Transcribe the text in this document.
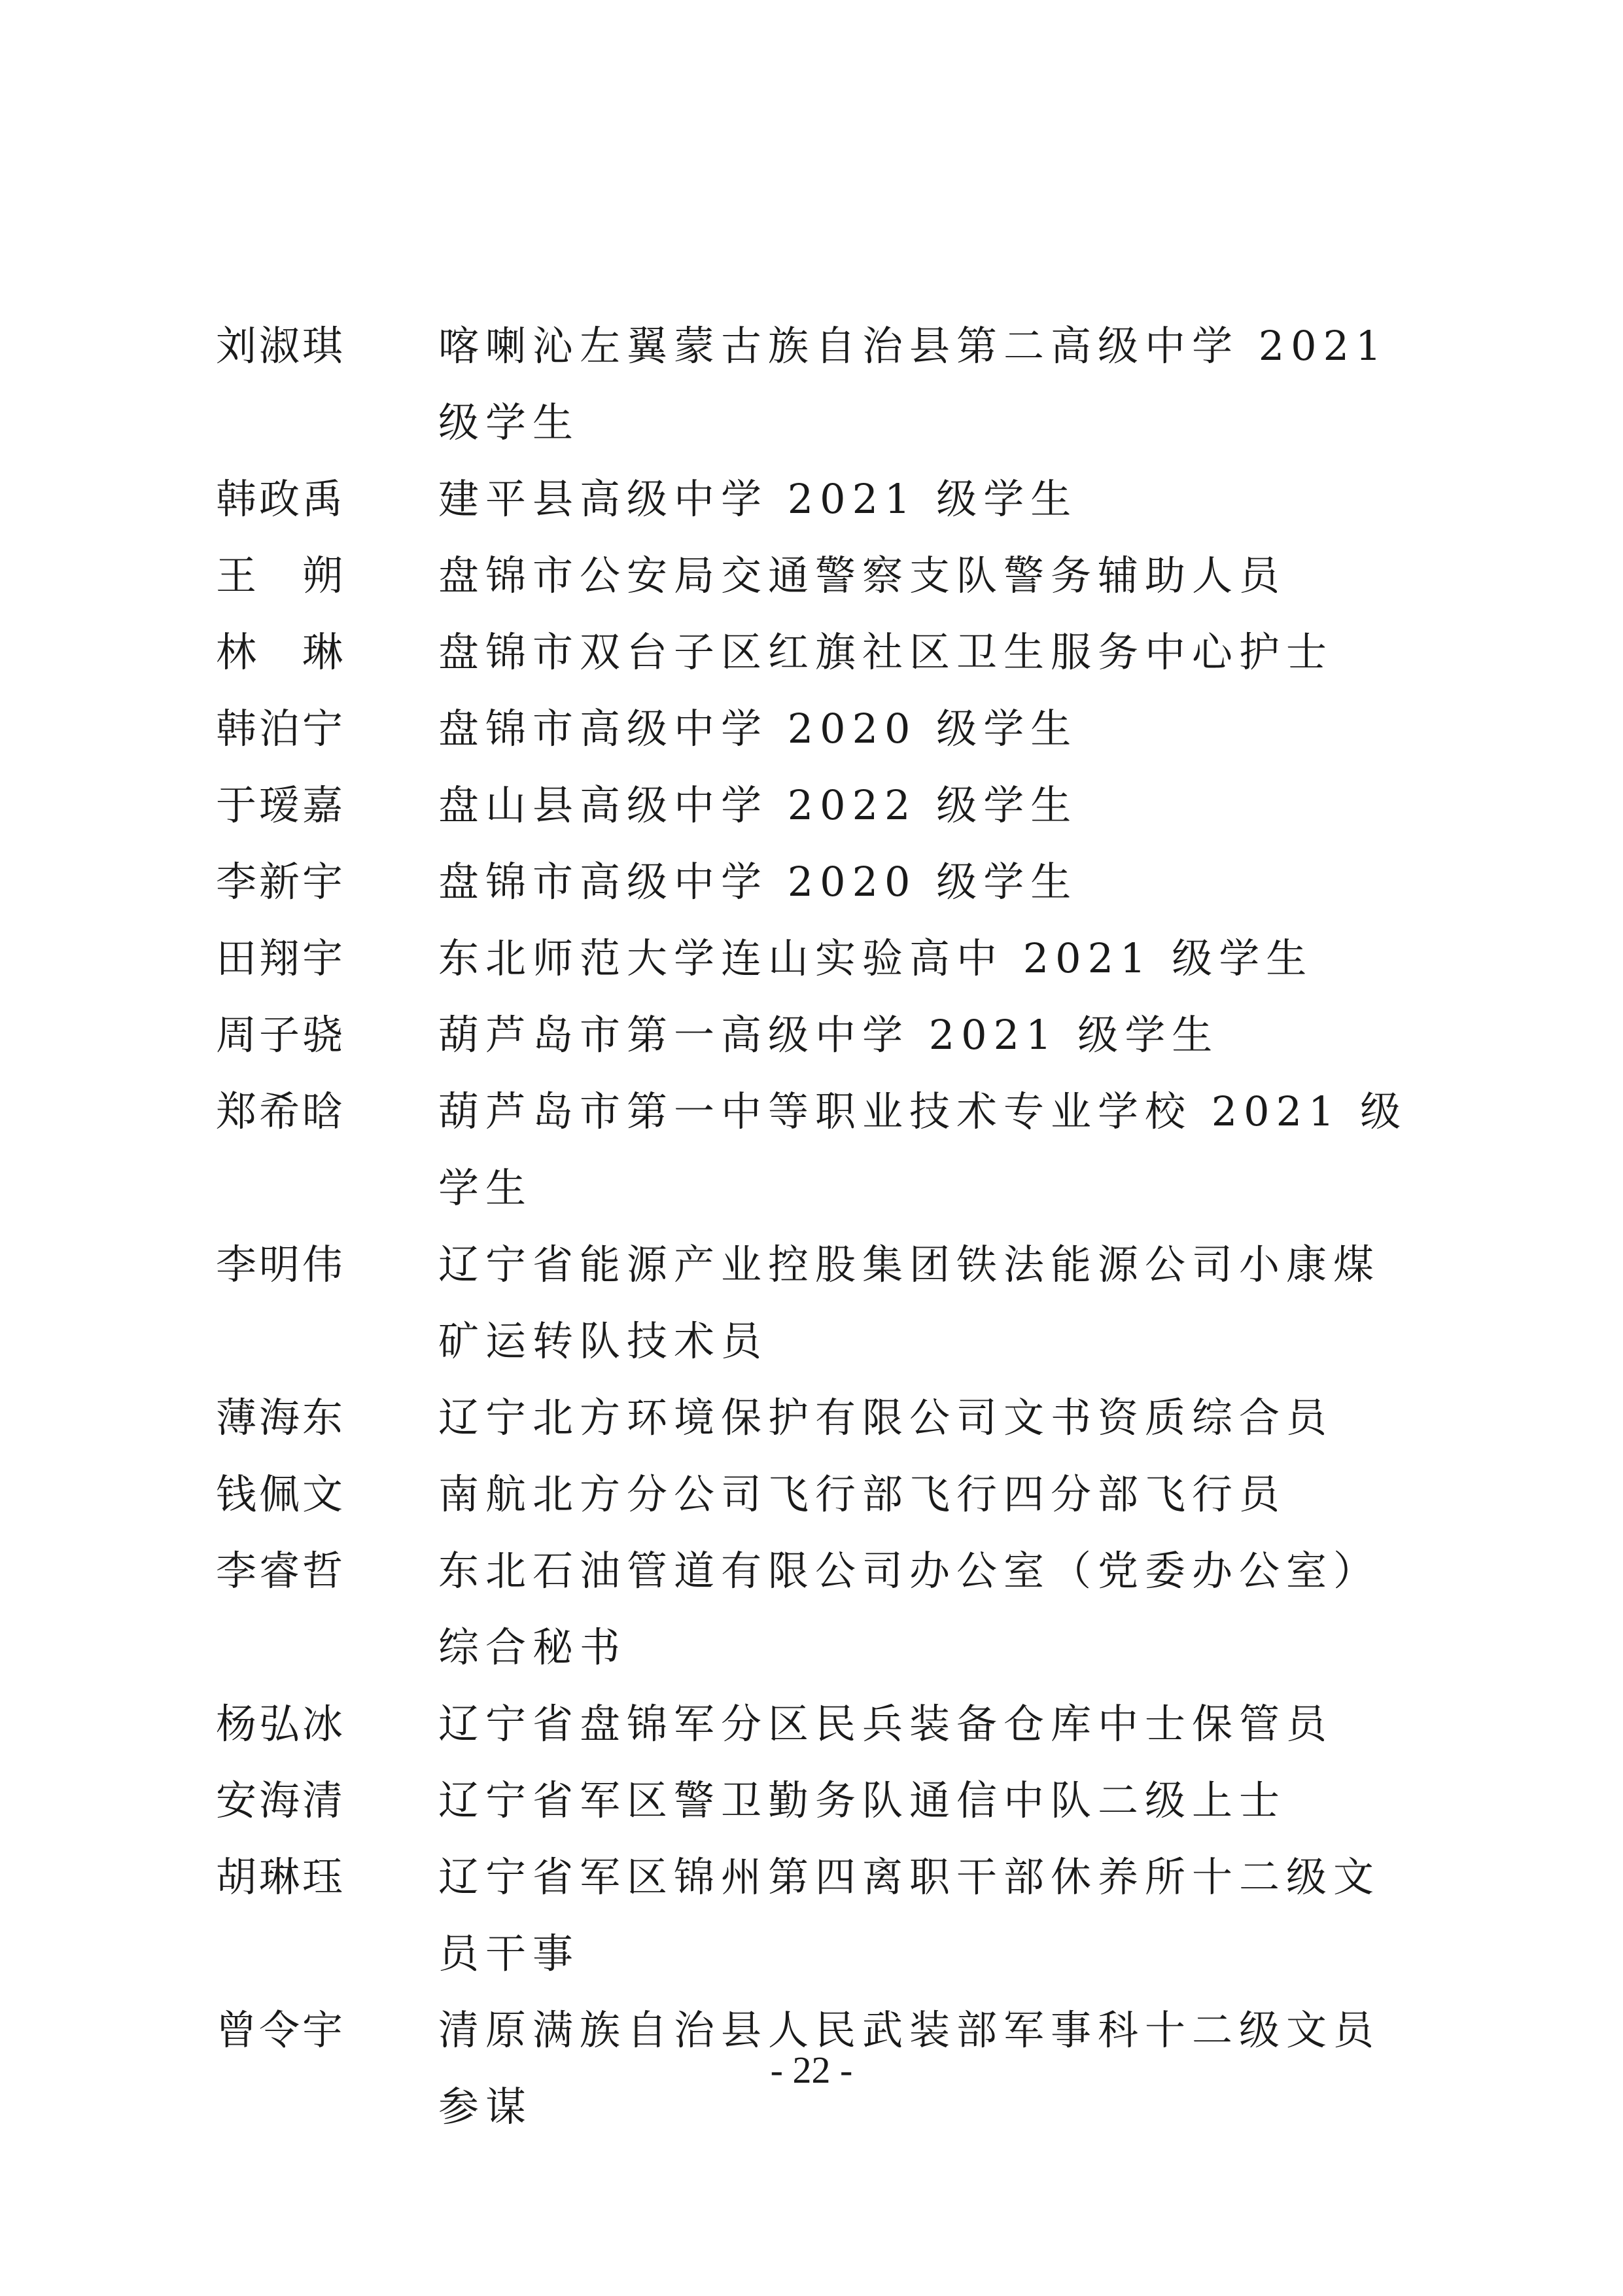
刘淑琪	喀喇沁左翼蒙古族自治县第二高级中学 2021 级学生
韩政禹	建平县高级中学 2021 级学生
王　朔	盘锦市公安局交通警察支队警务辅助人员
林　琳	盘锦市双台子区红旗社区卫生服务中心护士
韩泊宁	盘锦市高级中学 2020 级学生
于瑷嘉	盘山县高级中学 2022 级学生
李新宇	盘锦市高级中学 2020 级学生
田翔宇	东北师范大学连山实验高中 2021 级学生
周子骁	葫芦岛市第一高级中学 2021 级学生
郑希晗	葫芦岛市第一中等职业技术专业学校 2021 级学生
李明伟	辽宁省能源产业控股集团铁法能源公司小康煤矿运转队技术员
薄海东	辽宁北方环境保护有限公司文书资质综合员
钱佩文	南航北方分公司飞行部飞行四分部飞行员
李睿哲	东北石油管道有限公司办公室（党委办公室）综合秘书
杨弘冰	辽宁省盘锦军分区民兵装备仓库中士保管员
安海清	辽宁省军区警卫勤务队通信中队二级上士
胡琳珏	辽宁省军区锦州第四离职干部休养所十二级文员干事
曾令宇	清原满族自治县人民武装部军事科十二级文员参谋
- 22 -
